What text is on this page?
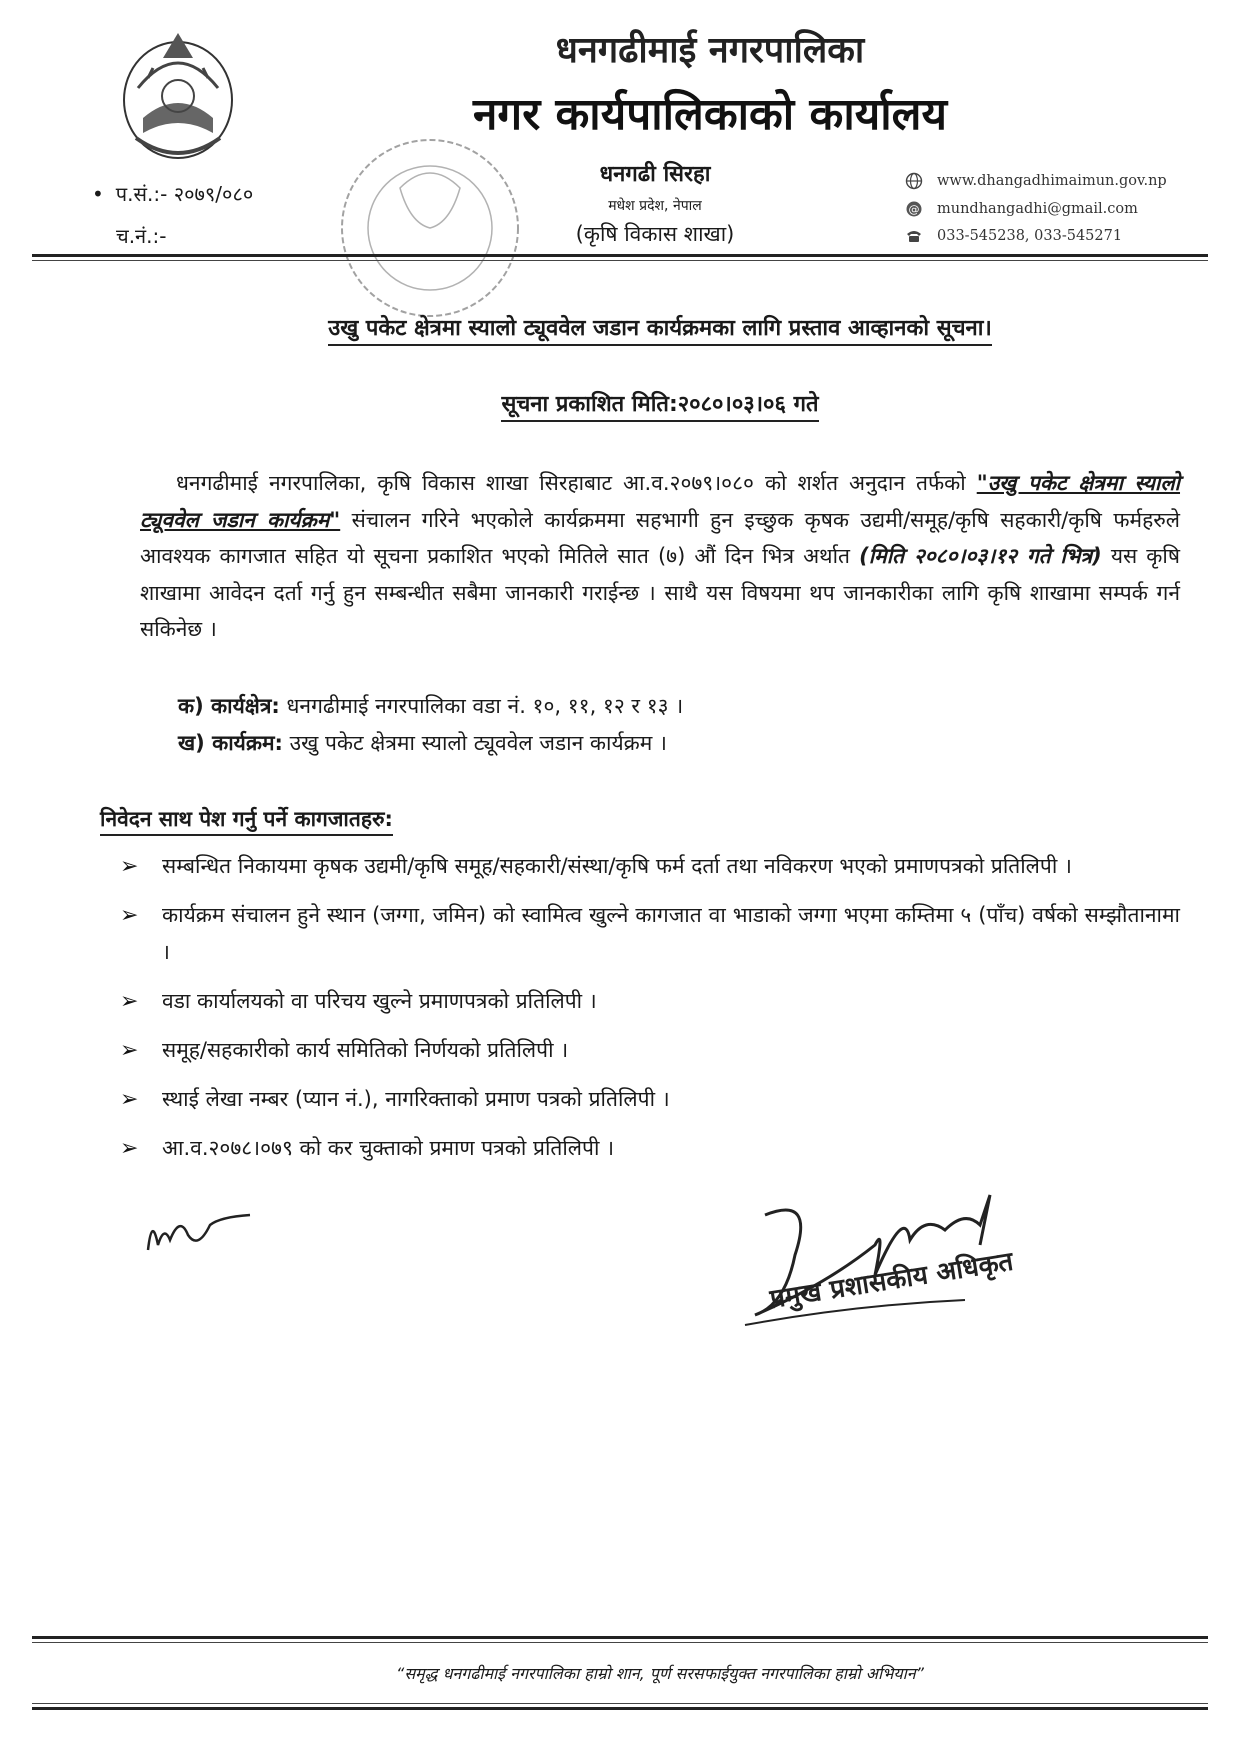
धनगढीमाई नगरपालिका
नगर कार्यपालिकाको कार्यालय
धनगढी सिरहा
मधेश प्रदेश, नेपाल
(कृषि विकास शाखा)
• प.सं.:- २०७९/०८०
च.नं.:-
www.dhangadhimaimun.gov.np
@ mundhangadhi@gmail.com
033-545238, 033-545271
उखु पकेट क्षेत्रमा स्यालो ट्यूववेल जडान कार्यक्रमका लागि प्रस्ताव आव्हानको सूचना।
सूचना प्रकाशित मिति:२०८०।०३।०६ गते
धनगढीमाई नगरपालिका, कृषि विकास शाखा सिरहाबाट आ.व.२०७९।०८० को शर्शत अनुदान तर्फको "उखु पकेट क्षेत्रमा स्यालो ट्यूववेल जडान कार्यक्रम" संचालन गरिने भएकोले कार्यक्रममा सहभागी हुन इच्छुक कृषक उद्यमी/समूह/कृषि सहकारी/कृषि फर्महरुले आवश्यक कागजात सहित यो सूचना प्रकाशित भएको मितिले सात (७) औं दिन भित्र अर्थात (मिति २०८०।०३।१२ गते भित्र) यस कृषि शाखामा आवेदन दर्ता गर्नु हुन सम्बन्धीत सबैमा जानकारी गराईन्छ । साथै यस विषयमा थप जानकारीका लागि कृषि शाखामा सम्पर्क गर्न सकिनेछ ।
क) कार्यक्षेत्र: धनगढीमाई नगरपालिका वडा नं. १०, ११, १२ र १३ ।
ख) कार्यक्रम: उखु पकेट क्षेत्रमा स्यालो ट्यूववेल जडान कार्यक्रम ।
निवेदन साथ पेश गर्नु पर्ने कागजातहरु:
➢	सम्बन्धित निकायमा कृषक उद्यमी/कृषि समूह/सहकारी/संस्था/कृषि फर्म दर्ता तथा नविकरण भएको प्रमाणपत्रको प्रतिलिपी ।
➢	कार्यक्रम संचालन हुने स्थान (जग्गा, जमिन) को स्वामित्व खुल्ने कागजात वा भाडाको जग्गा भएमा कम्तिमा ५ (पाँच) वर्षको सम्झौतानामा ।
➢	वडा कार्यालयको वा परिचय खुल्ने प्रमाणपत्रको प्रतिलिपी ।
➢	समूह/सहकारीको कार्य समितिको निर्णयको प्रतिलिपी ।
➢	स्थाई लेखा नम्बर (प्यान नं.), नागरिक्ताको प्रमाण पत्रको प्रतिलिपी ।
➢	आ.व.२०७८।०७९ को कर चुक्ताको प्रमाण पत्रको प्रतिलिपी ।
प्रमुख प्रशासकीय अधिकृत
“समृद्ध धनगढीमाई नगरपालिका हाम्रो शान, पूर्ण सरसफाईयुक्त नगरपालिका हाम्रो अभियान”
